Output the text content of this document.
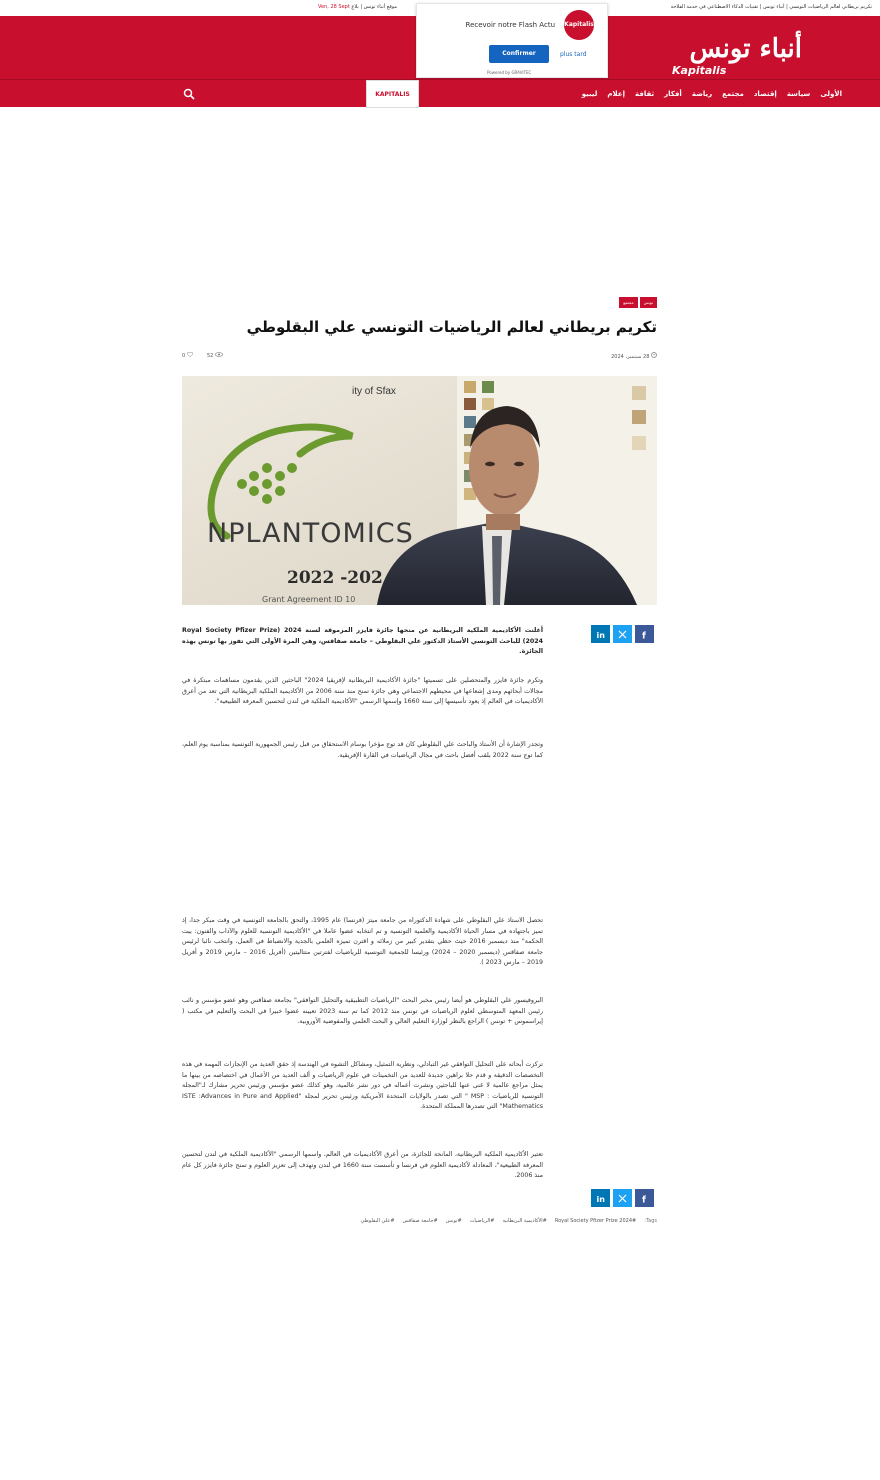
تكريم بريطاني لعالم الرياضيات التونسي | أنباء تونس | تقنيات الذكاء الاصطناعي في خدمة الفلاحة
موقع أنباء تونس | بلاغ Ven, 28 Sept
أنباء تونس
Kapitalis
Kapitalis
Recevoir notre Flash Actu
Confirmer	plus tard
Powered by GRAVITEC
الأولى
سياسة
إقتصاد
مجتمع
رياضة
أفكار
ثقافة
إعلام
ليبيو
KAPITALIS
تونس
مجتمع
تكريم بريطاني لعالم الرياضيات التونسي علي البقلوطي
28 سبتمبر، 2024
52
0
ity of Sfax
NPLANTOMICS
2022 -202
Grant Agreement ID 10
in	f

أعلنت الأكاديمية الملكية البريطانية عن منحها جائزة فايزر المرموقة لسنة 2024 (Royal Society Pfizer Prize 2024) للباحث التونسي الأستاذ الدكتور علي البقلوطي – جامعة صفاقس، وهي المرة الأولى التي تفوز بها تونس بهذه الجائزة.

وتكرم جائزة فايزر والمتحصلين على تسميتها "جائزة الأكاديمية البريطانية لإفريقيا 2024" الباحثين الذين يقدمون مساهمات مبتكرة في مجالات أبحاثهم ومدى إشعاعها في محيطهم الاجتماعي وهي جائزة تمنح منذ سنة 2006 من الأكاديمية الملكية البريطانية التي تعد من أعرق الأكاديميات في العالم إذ يعود تأسيسها إلى سنة 1660 وإسمها الرسمي "الأكاديمية الملكية في لندن لتحسين المعرفة الطبيعية".

وتجدر الإشارة أن الأستاذ والباحث علي البقلوطي كان قد توج مؤخرا بوسام الاستحقاق من قبل رئيس الجمهورية التونسية بمناسبة يوم العلم، كما توج سنة 2022 بلقب أفضل باحث في مجال الرياضيات في القارة الإفريقية.

تحصل الاستاذ علي البقلوطي على شهادة الدكتوراه من جامعة ميتز (فرنسا) عام 1995، والتحق بالجامعة التونسية في وقت مبكر جدا، إذ تميز باجتهاده في مسار الحياة الأكاديمية والعلمية التونسية و تم انتخابه عضوا عاملا في "الأكاديمية التونسية للعلوم والآداب والفنون: بيت الحكمة" منذ ديسمبر 2016 حيث حظي بتقدير كبير من زملائه و اقترن تميزه العلمي بالجدية والانضباط في العمل، وانتخب نائبا لرئيس جامعة صفاقس (ديسمبر 2020 – 2024) ورئيسا للجمعية التونسية للرياضيات لفترتين متتاليتين (أفريل 2016 – مارس 2019 و أفريل 2019 – مارس 2023 ).

البروفيسور علي البقلوطي هو أيضا رئيس مخبر البحث "الرياضيات التطبيقية والتحليل التوافقي" بجامعة صفاقس وهو عضو مؤسس و نائب رئيس المعهد المتوسطي لعلوم الرياضيات في تونس منذ 2012 كما تم سنة 2023 تعيينه عضوا خبيرا في البحث والتعليم في مكتب ( إيراسموس + تونس ) الراجع بالنظر لوزارة التعليم العالي و البحث العلمي والمفوضية الأوروبية.

تركزت أبحاثه على التحليل التوافقي غير التبادلي، ونظرية التمثيل، ومشاكل التشوه في الهندسة إذ حقق العديد من الإنجازات المهمة في هذه التخصصات الدقيقة و قدم حلا براهين جديدة للعديد من التخمينات في علوم الرياضيات و ألف العديد من الأعمال في اختصاصه من بينها ما يمثل مراجع عالمية لا غنى عنها للباحثين ونشرت أعماله في دور نشر عالمية، وهو كذلك عضو مؤسس ورئيس تحرير مشارك لـ"المجلة التونسية للرياضيات : MSP " التي تصدر بالولايات المتحدة الأمريكية ورئيس تحرير لمجلة "ISTE :Advances in Pure and Applied Mathematics" التي تصدرها المملكة المتحدة.

تعتبر الأكاديمية الملكية البريطانية، المانحة للجائزة، من أعرق الأكاديميات في العالم، واسمها الرسمي "الأكاديمية الملكية في لندن لتحسين المعرفة الطبيعية"، المعادلة لأكاديمية العلوم في فرنسا و تأسست سنة 1660 في لندن وتهدف إلى تعزيز العلوم و تمنح جائزة فايزر كل عام منذ 2006.

in	f
Tags:
#Royal Society Pfizer Prize 2024
#الأكاديمية البريطانية
#الرياضيات
#تونس
#جامعة صفاقس
#علي البقلوطي
